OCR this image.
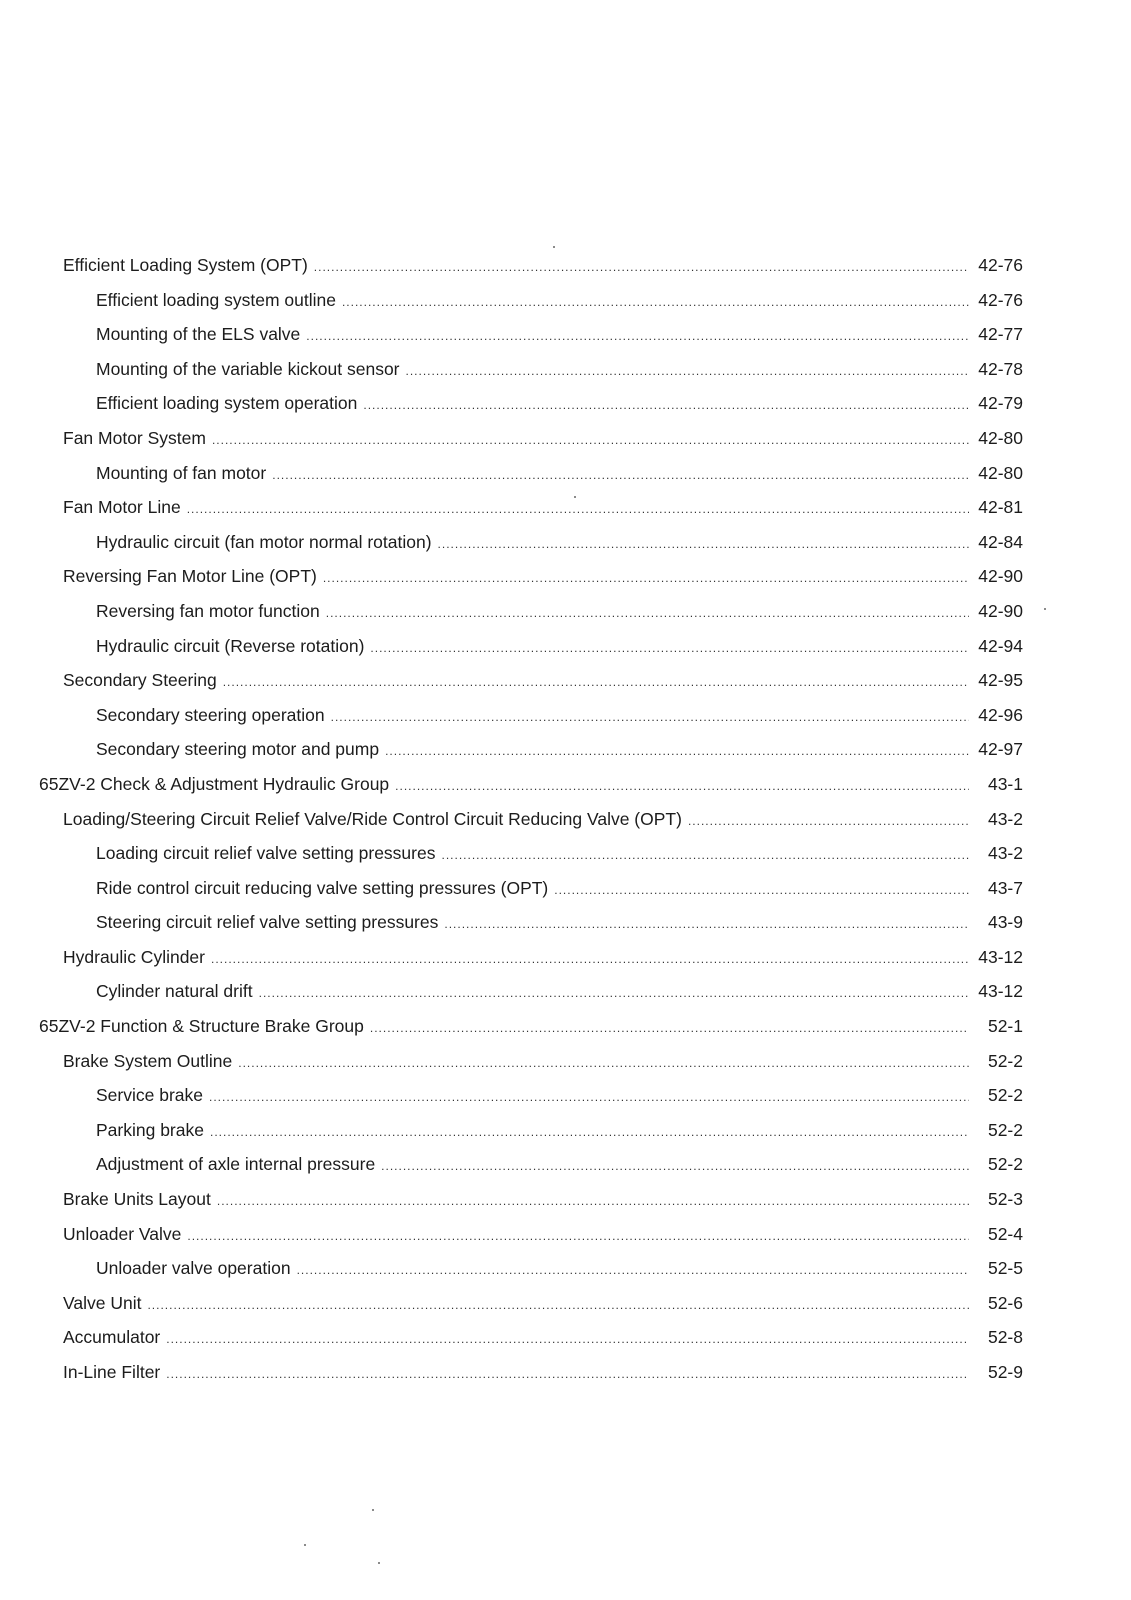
Efficient Loading System (OPT) .....	42-76
Efficient loading system outline .....	42-76
Mounting of the ELS valve .....	42-77
Mounting of the variable kickout sensor .....	42-78
Efficient loading system operation .....	42-79
Fan Motor System .....	42-80
Mounting of fan motor .....	42-80
Fan Motor Line .....	42-81
Hydraulic circuit (fan motor normal rotation) .....	42-84
Reversing Fan Motor Line (OPT) .....	42-90
Reversing fan motor function .....	42-90
Hydraulic circuit (Reverse rotation) .....	42-94
Secondary Steering .....	42-95
Secondary steering operation .....	42-96
Secondary steering motor and pump .....	42-97
65ZV-2 Check & Adjustment Hydraulic Group .....	43-1
Loading/Steering Circuit Relief Valve/Ride Control Circuit Reducing Valve (OPT) .....	43-2
Loading circuit relief valve setting pressures .....	43-2
Ride control circuit reducing valve setting pressures (OPT) .....	43-7
Steering circuit relief valve setting pressures .....	43-9
Hydraulic Cylinder .....	43-12
Cylinder natural drift .....	43-12
65ZV-2 Function & Structure Brake Group .....	52-1
Brake System Outline .....	52-2
Service brake .....	52-2
Parking brake .....	52-2
Adjustment of axle internal pressure .....	52-2
Brake Units Layout .....	52-3
Unloader Valve .....	52-4
Unloader valve operation .....	52-5
Valve Unit .....	52-6
Accumulator .....	52-8
In-Line Filter .....	52-9
